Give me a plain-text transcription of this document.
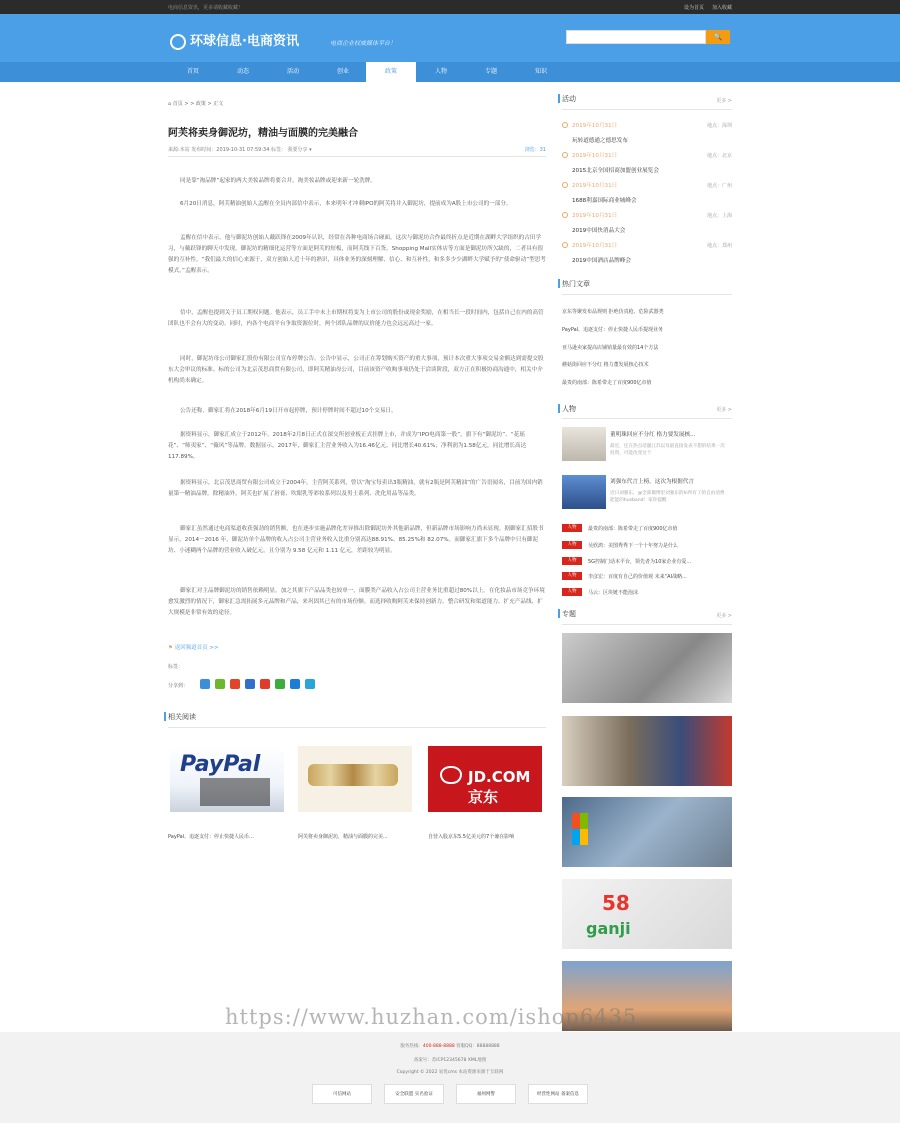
电商信息资讯，更多请收藏收藏！	设为首页 加入收藏
环球信息·电商资讯	电商企业权威媒体平台！
🔍
首页	动态	活动	创业	政策	人物	专题	知识
⌂ 首页 > > 政策 > 正文
阿芙将卖身御泥坊，精油与面膜的完美融合
来源:本站 发布时间：2019-10-31 07:59:34 标签： 我要分享 ▾	浏览：31

同是靠“淘品牌”起家的两大美妆品牌将要合并，淘美妆品牌或迎来新一轮洗牌。

6月20日消息，阿芙精油创始人孟醒在全员内部信中表示，本来明年才冲刺IPO的阿芙将并入御泥坊，提前成为A股上市公司的一部分。

孟醒在信中表示，他与御泥坊创始人戴跃锋在2009年认识，经常在各种电商场合碰面。这次与御泥坊合作最终折点是近期在湖畔大学组织的古田学习，与戴跃锋的聊天中发现，御泥坊的精细化运营等方面是阿芙的短板，而阿芙线下百货、Shopping Mall实体店等方面是御泥坊所欠缺的，二者具有很强的互补性。“我们最大的信心来源于，双方创始人近十年的熟识，具体业务的深刻理解、信心、和互补性，和多多少少湖畔大学赋予的“使命驱动”型思考模式。”孟醒表示。

信中，孟醒也提到关于员工期权问题。他表示，员工手中未上市期权将变为上市公司的股份或现金奖励，在相当长一段时间内，包括自己在内的高管团队也不会有大的变动。同时，内各个电商平台争取资源位时，两个团队品牌的议价能力也会远远高过一家。

同时，御泥坊母公司御家汇股份有限公司宣布停牌公告。公告中显示，公司正在筹划购买资产的重大事项，预计本次重大事项交易金额达到需提交股东大会审议的标准。标的公司为北京茂思商贸有限公司，即阿芙精油母公司，目前该资产收购事项仍处于洽谈阶段，双方正在积极协商沟通中，相关中介机构尚未确定。

公告还称，御家汇将在2018年6月19日开市起停牌，预计停牌时间不超过10个交易日。

据资料显示，御家汇成立于2012年。2018年2月8日正式在深交所创业板正式挂牌上市，并成为“IPO电商第一股”，旗下有“御泥坊”、“花瑶花”、“师夷家”、“薇风”等品牌。数据显示，2017年，御家汇主营业务收入为16.46亿元，同比增长40.61%；净利润为1.58亿元，同比增长高达117.89%。

据资料显示，北京茂思商贸有限公司成立于2004年，主营阿芙系列，曾以“淘宝每卖出3瓶精油，就有2瓶是阿芙精油”的广告语闻名，目前为国内销量第一精油品牌。除精油外，阿芙也扩展了唇膏、吹眼乳等彩妆系列以及男士系列、洗化用品等品类。

御家汇虽然通过电商渠道收获强劲的销售额，也在逐步实施品牌化差异推出除御泥坊外其他新品牌，但新品牌市场影响力尚未显现。据御家汇招股书显示，2014－2016 年，御泥坊单个品牌的收入占公司主营业务收入比重分别高达88.91%、85.25%和 82.07%。而御家汇旗下多个品牌中只有御泥坊、小迷糊两个品牌的营业收入破亿元，且分别为 9.58 亿元和 1.11 亿元，差距较为明显。

御家汇对主品牌御泥坊的销售依赖明显，加之其旗下产品品类也较单一，面膜类产品收入占公司主营业务比重超过80%以上。在化妆品市场竞争环境愈发激烈的情况下，御家汇急需拓展多元品牌和产品，来巩固其已有的市场份额。而选择收购阿芙来保持创新力、整合研发和渠道能力、扩充产品线、扩大规模是非常有效的途径。

⚑ 返回频道首页 >>
标签：
分享到：
相关阅读
PayPal	JD.COM 京东
PayPal、追逐支付：停止快捷人民币...	阿芙将卖身御泥坊，精油与面膜的完美...	自营入股京东5.5亿美元的7个兼在影响
活动	更多 >
2019年10月31日	地点：深圳
玩转道德通之德思发布
2019年10月31日	地点：北京
2015北京全国招商加盟创业展览会
2019年10月31日	地点：广州
1688利嘉国际商业城峰会
2019年10月31日	地点：上海
2019中国快消品大会
2019年10月31日	地点：郑州
2019中国酒店品牌峰会
热门文章
京东等聚发布品规则 拒绝仿真枪、危险武器类
PayPal、追逐支付：停止快捷人民币提现业务
亚马逊卖家提高店铺销量最有效的14个方法
蘑菇街回应不分红 格力董发展核心技术
最贵的南部：陈希带走了百度900亿市值
人物	更多 >
董明珠回应不分红 格力要发展核...
最近，还在热点话题江苏以及最直接发表不想的结果一次投资，可能改变这个
刘强东代言上榜，这次为根据代言
近日刘强东，@全部微博里刘强东的hi所有了的自由消费能能的husband！家你提醒
人物	最贵的南部：陈希带走了百度900亿市值
人物	吴欣鸿：美图秀秀下一个十年努力是什么
人物	5G控制门话本平台，领先者为10家企业有爱...
人物	李彦宏：百度有自己的价值观 未来“AI战略...
人物	马云：区块链不能泡沫
专题	更多 >
58
ganji
https://www.huzhan.com/ishop6435
服务热线：400-888-8888 客服QQ：88888888
备案号：苏ICP12345678 XML地图
Copyright © 2022 易优cms 本站资源来源于互联网
可信网站	安全联盟 实名验证	福州网警	经营性网站 备案信息
